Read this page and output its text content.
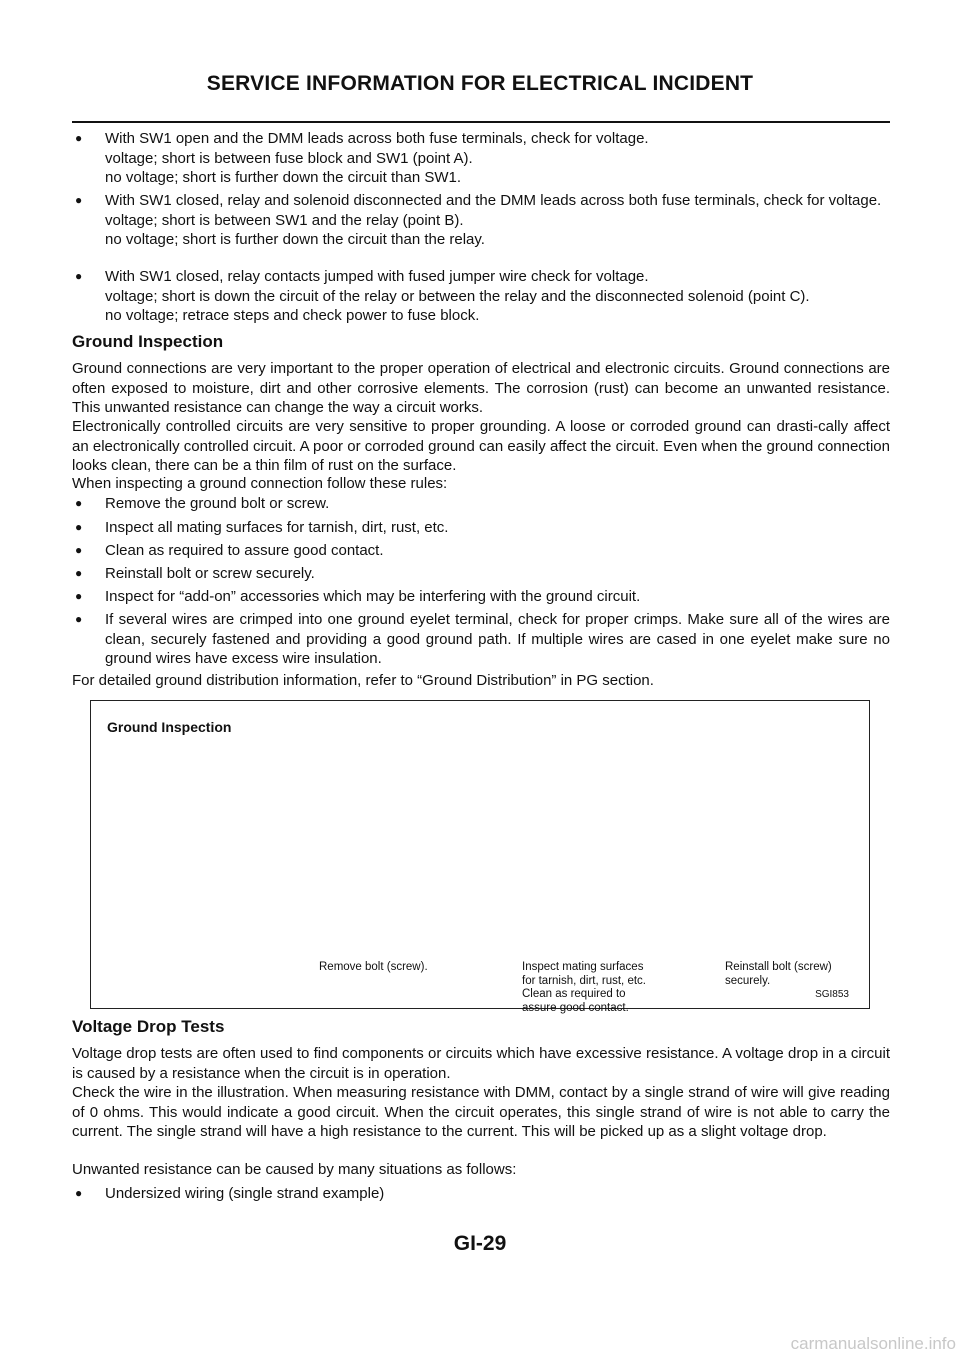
SERVICE INFORMATION FOR ELECTRICAL INCIDENT
● With SW1 open and the DMM leads across both fuse terminals, check for voltage.
voltage; short is between fuse block and SW1 (point A).
no voltage; short is further down the circuit than SW1.
● With SW1 closed, relay and solenoid disconnected and the DMM leads across both fuse terminals, check for voltage.
voltage; short is between SW1 and the relay (point B).
no voltage; short is further down the circuit than the relay.
● With SW1 closed, relay contacts jumped with fused jumper wire check for voltage.
voltage; short is down the circuit of the relay or between the relay and the disconnected solenoid (point C).
no voltage; retrace steps and check power to fuse block.
Ground Inspection
Ground connections are very important to the proper operation of electrical and electronic circuits. Ground connections are often exposed to moisture, dirt and other corrosive elements. The corrosion (rust) can become an unwanted resistance. This unwanted resistance can change the way a circuit works.
Electronically controlled circuits are very sensitive to proper grounding. A loose or corroded ground can drasti-cally affect an electronically controlled circuit. A poor or corroded ground can easily affect the circuit. Even when the ground connection looks clean, there can be a thin film of rust on the surface.
When inspecting a ground connection follow these rules:
● Remove the ground bolt or screw.
● Inspect all mating surfaces for tarnish, dirt, rust, etc.
● Clean as required to assure good contact.
● Reinstall bolt or screw securely.
● Inspect for “add-on” accessories which may be interfering with the ground circuit.
● If several wires are crimped into one ground eyelet terminal, check for proper crimps. Make sure all of the wires are clean, securely fastened and providing a good ground path. If multiple wires are cased in one eyelet make sure no ground wires have excess wire insulation.
For detailed ground distribution information, refer to “Ground Distribution” in PG section.
Voltage Drop Tests
Voltage drop tests are often used to find components or circuits which have excessive resistance. A voltage drop in a circuit is caused by a resistance when the circuit is in operation.
Check the wire in the illustration. When measuring resistance with DMM, contact by a single strand of wire will give reading of 0 ohms. This would indicate a good circuit. When the circuit operates, this single strand of wire is not able to carry the current. The single strand will have a high resistance to the current. This will be picked up as a slight voltage drop.
Unwanted resistance can be caused by many situations as follows:
● Undersized wiring (single strand example)
GI-29
carmanualsonline.info
Ground Inspection
Remove bolt (screw).	Inspect mating surfaces
for tarnish, dirt, rust, etc.
Clean as required to
assure good contact.
Reinstall bolt (screw)
securely.
SGI853
